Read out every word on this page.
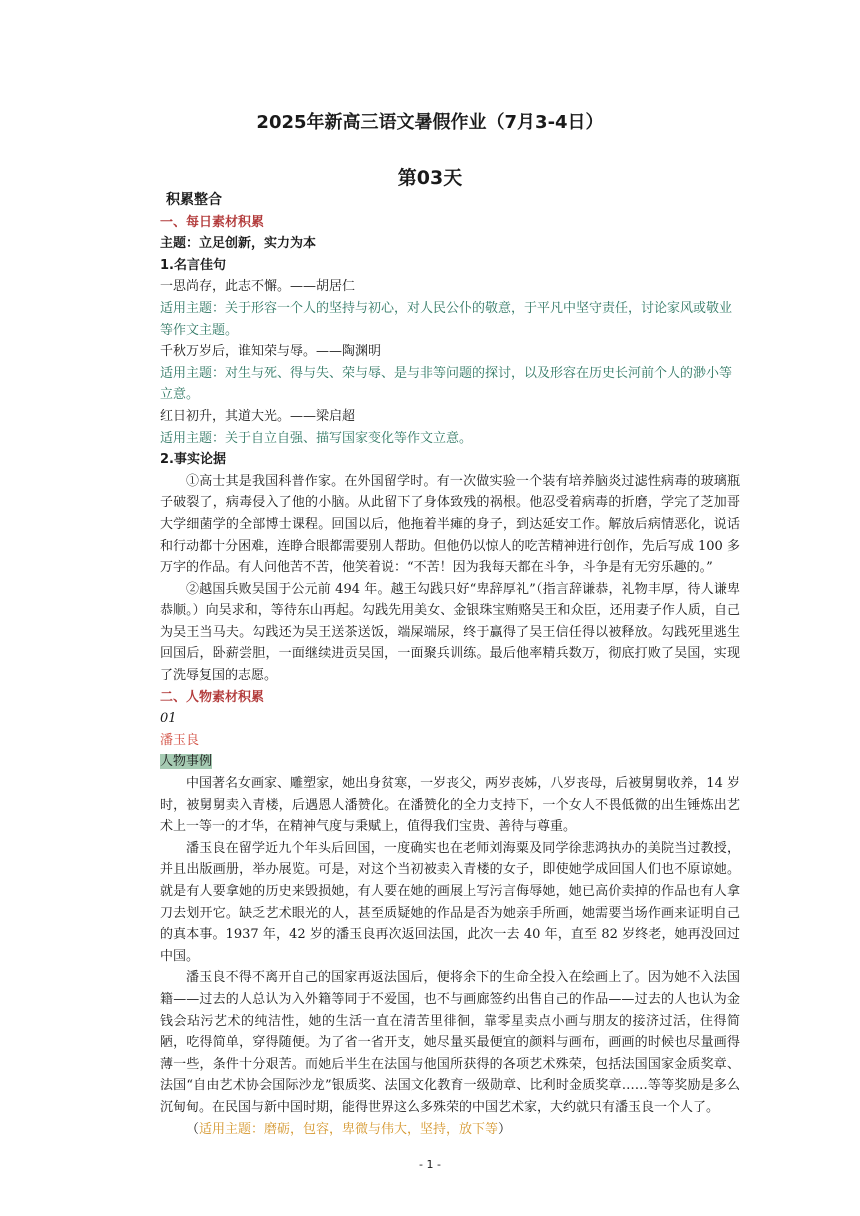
2025年新高三语文暑假作业（7月3-4日）
第03天

积累整合

一、每日素材积累

主题：立足创新，实力为本

1.名言佳句

一思尚存，此志不懈。——胡居仁

适用主题：关于形容一个人的坚持与初心，对人民公仆的敬意，于平凡中坚守责任，讨论家风或敬业等作文主题。

千秋万岁后，谁知荣与辱。——陶渊明

适用主题：对生与死、得与失、荣与辱、是与非等问题的探讨，以及形容在历史长河前个人的渺小等立意。

红日初升，其道大光。——梁启超

适用主题：关于自立自强、描写国家变化等作文立意。

2.事实论据

①高士其是我国科普作家。在外国留学时。有一次做实验一个装有培养脑炎过滤性病毒的玻璃瓶子破裂了，病毒侵入了他的小脑。从此留下了身体致残的祸根。他忍受着病毒的折磨，学完了芝加哥大学细菌学的全部博士课程。回国以后，他拖着半瘫的身子，到达延安工作。解放后病情恶化，说话和行动都十分困难，连睁合眼都需要别人帮助。但他仍以惊人的吃苦精神进行创作，先后写成 100 多万字的作品。有人问他苦不苦，他笑着说：“不苦！因为我每天都在斗争，斗争是有无穷乐趣的。”

②越国兵败吴国于公元前 494 年。越王勾践只好“卑辞厚礼”（指言辞谦恭，礼物丰厚，待人谦卑恭顺。）向吴求和，等待东山再起。勾践先用美女、金银珠宝贿赂吴王和众臣，还用妻子作人质，自己为吴王当马夫。勾践还为吴王送茶送饭，端屎端尿，终于赢得了吴王信任得以被释放。勾践死里逃生回国后，卧薪尝胆，一面继续进贡吴国，一面聚兵训练。最后他率精兵数万，彻底打败了吴国，实现了洗辱复国的志愿。

二、人物素材积累

01

潘玉良

人物事例

中国著名女画家、雕塑家，她出身贫寒，一岁丧父，两岁丧姊，八岁丧母，后被舅舅收养，14 岁时，被舅舅卖入青楼，后遇恩人潘赞化。在潘赞化的全力支持下，一个女人不畏低微的出生锤炼出艺术上一等一的才华，在精神气度与秉赋上，值得我们宝贵、善待与尊重。

潘玉良在留学近九个年头后回国，一度确实也在老师刘海粟及同学徐悲鸿执办的美院当过教授，并且出版画册，举办展览。可是，对这个当初被卖入青楼的女子，即使她学成回国人们也不原谅她。就是有人要拿她的历史来毁损她，有人要在她的画展上写污言侮辱她，她已高价卖掉的作品也有人拿刀去划开它。缺乏艺术眼光的人，甚至质疑她的作品是否为她亲手所画，她需要当场作画来证明自己的真本事。1937 年，42 岁的潘玉良再次返回法国，此次一去 40 年，直至 82 岁终老，她再没回过中国。

潘玉良不得不离开自己的国家再返法国后，便将余下的生命全投入在绘画上了。因为她不入法国籍——过去的人总认为入外籍等同于不爱国，也不与画廊签约出售自己的作品——过去的人也认为金钱会玷污艺术的纯洁性，她的生活一直在清苦里徘徊，靠零星卖点小画与朋友的接济过活，住得简陋，吃得简单，穿得随便。为了省一省开支，她尽量买最便宜的颜料与画布，画画的时候也尽量画得薄一些，条件十分艰苦。而她后半生在法国与他国所获得的各项艺术殊荣，包括法国国家金质奖章、法国“自由艺术协会国际沙龙”银质奖、法国文化教育一级勋章、比利时金质奖章……等等奖励是多么沉甸甸。在民国与新中国时期，能得世界这么多殊荣的中国艺术家，大约就只有潘玉良一个人了。

（适用主题：磨砺，包容，卑微与伟大，坚持，放下等）

- 1 -
